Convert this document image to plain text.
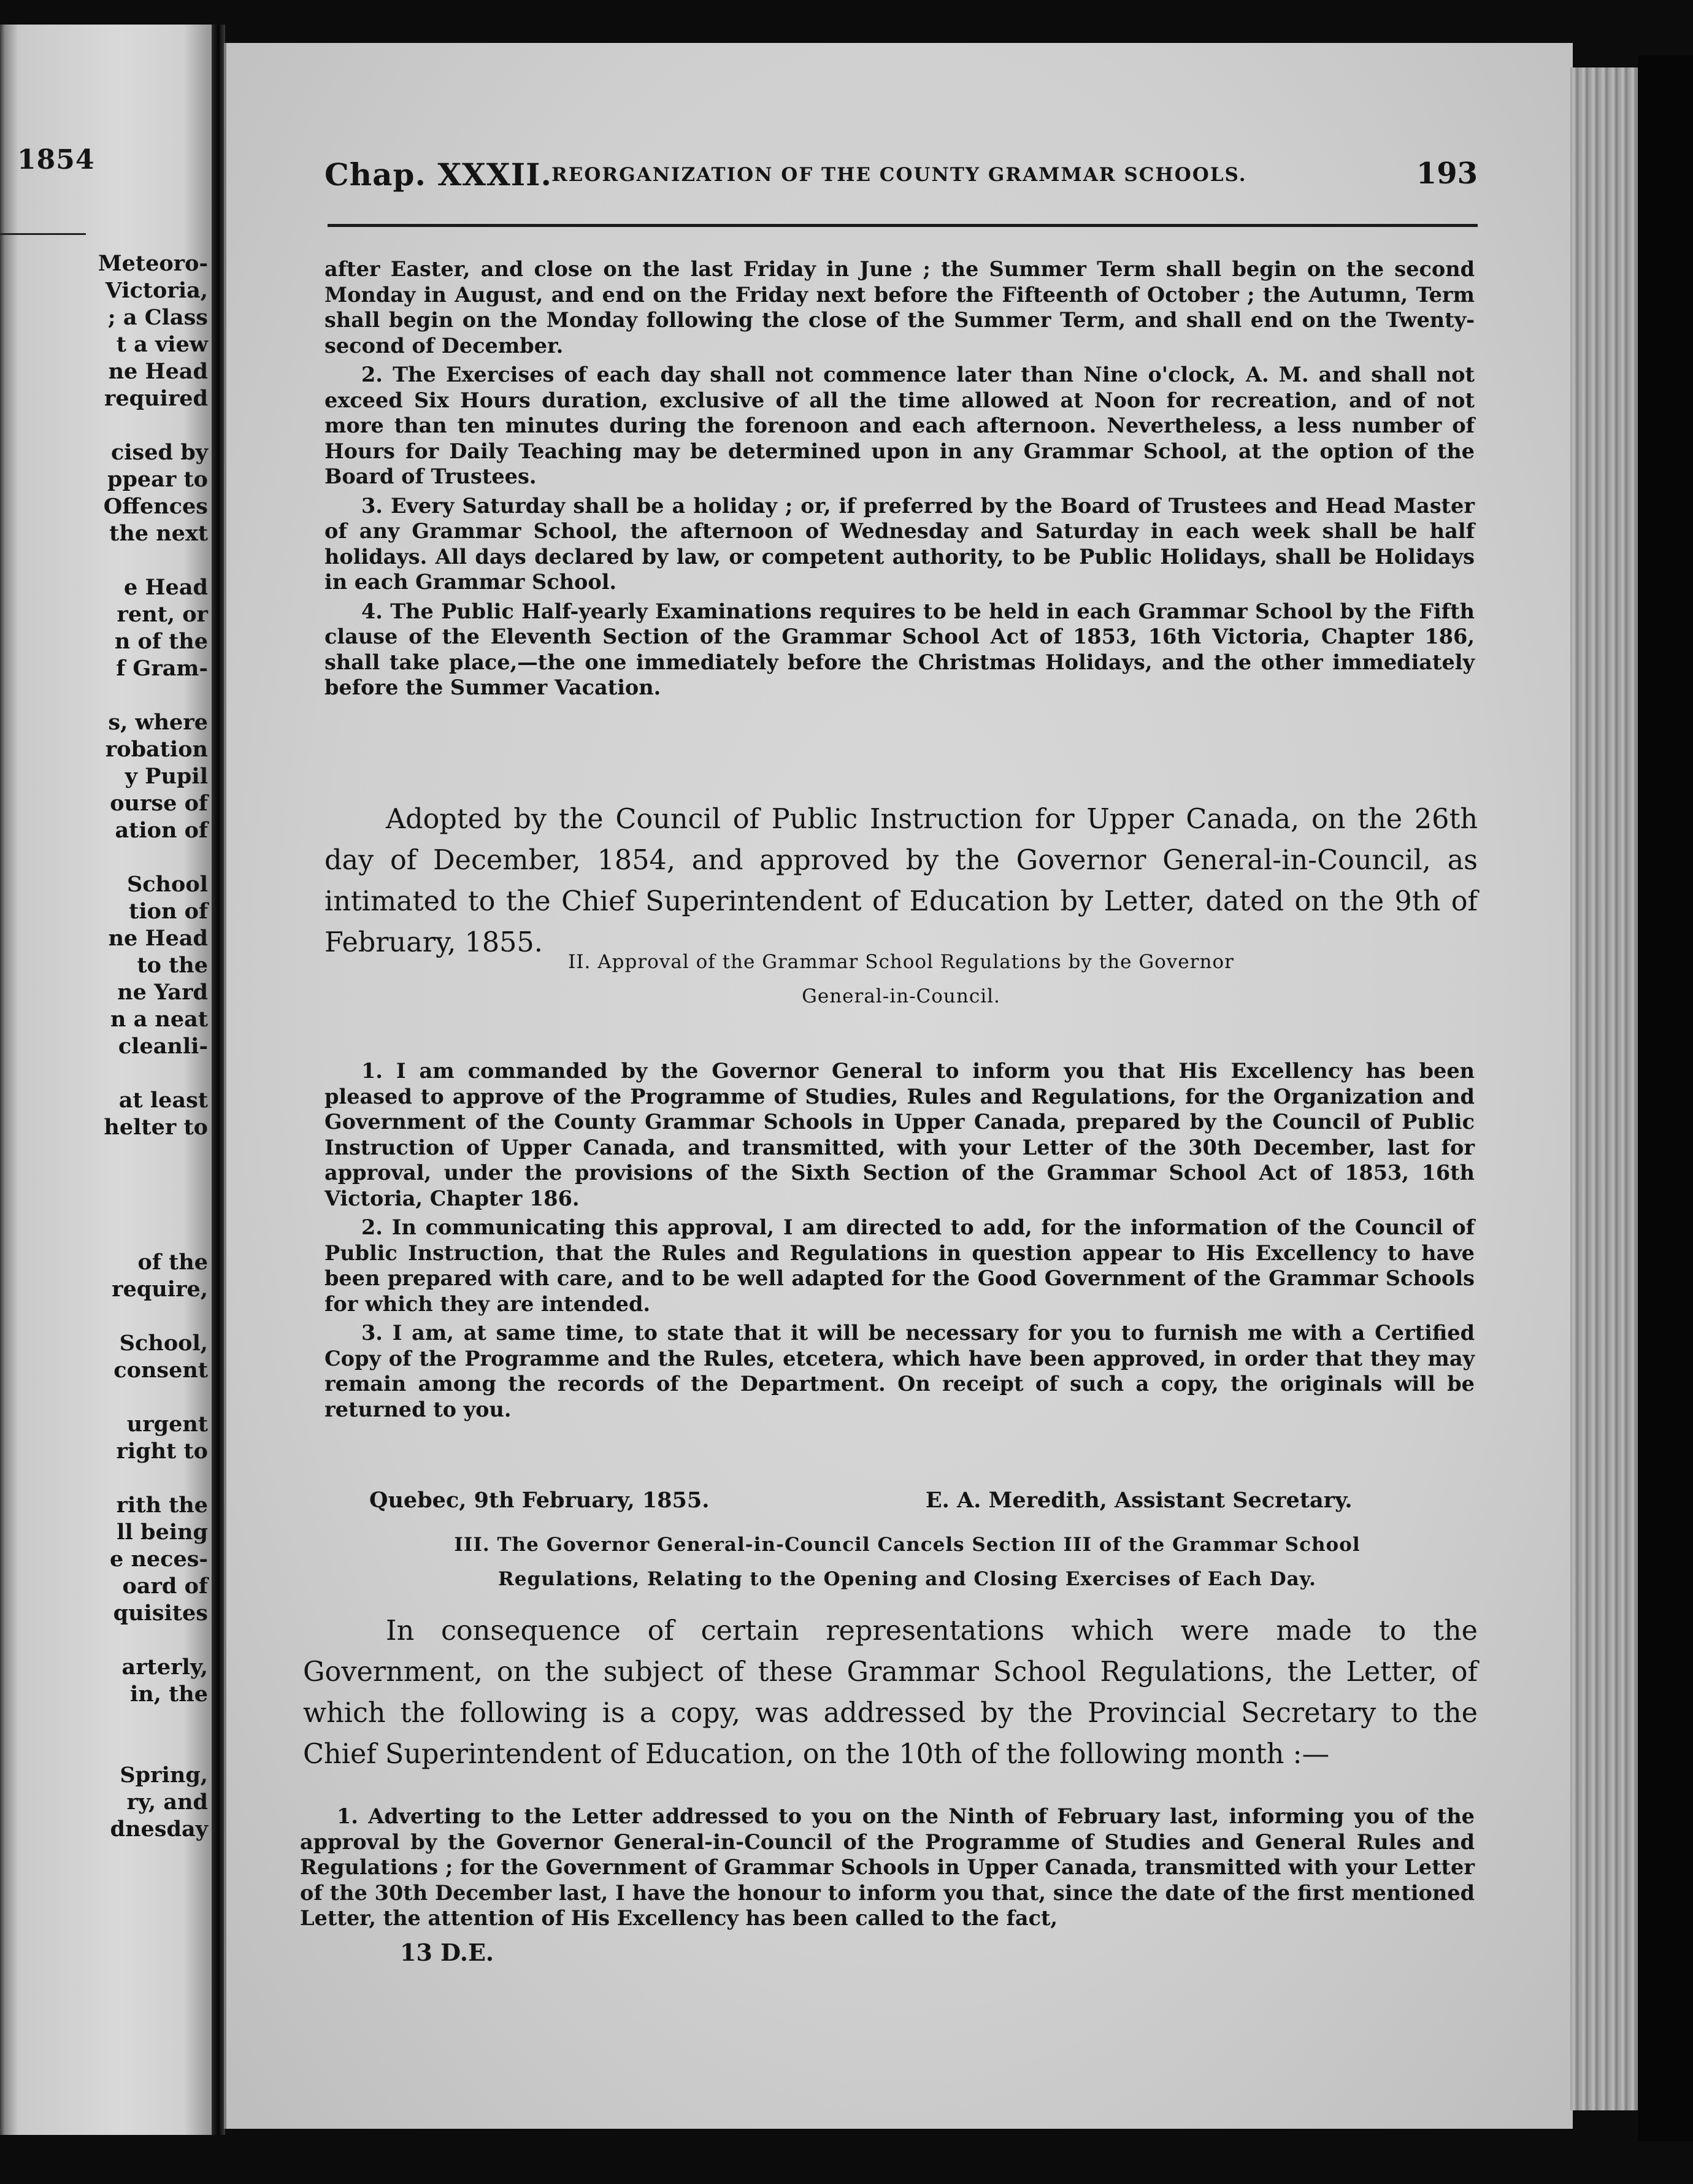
1854
Meteoro-
Victoria,
; a Class
t a view
ne Head
required
cised by
ppear to
Offences
the next
e Head
rent, or
n of the
f Gram-
s, where
robation
y Pupil
ourse of
ation of
School
tion of
ne Head
to the
ne Yard
n a neat
cleanli-
at least
helter to
of the
require,
School,
consent
urgent
right to
rith the
ll being
e neces-
oard of
quisites
arterly,
in, the
Spring,
ry, and
dnesday
Chap. XXXII. REORGANIZATION OF THE COUNTY GRAMMAR SCHOOLS.	193

after Easter, and close on the last Friday in June ; the Summer Term shall begin on the second Monday in August, and end on the Friday next before the Fifteenth of October ; the Autumn, Term shall begin on the Monday following the close of the Summer Term, and shall end on the Twenty-second of December.

2. The Exercises of each day shall not commence later than Nine o'clock, A. M. and shall not exceed Six Hours duration, exclusive of all the time allowed at Noon for recreation, and of not more than ten minutes during the forenoon and each afternoon. Nevertheless, a less number of Hours for Daily Teaching may be determined upon in any Grammar School, at the option of the Board of Trustees.

3. Every Saturday shall be a holiday ; or, if preferred by the Board of Trustees and Head Master of any Grammar School, the afternoon of Wednesday and Saturday in each week shall be half holidays. All days declared by law, or competent authority, to be Public Holidays, shall be Holidays in each Grammar School.

4. The Public Half-yearly Examinations requires to be held in each Grammar School by the Fifth clause of the Eleventh Section of the Grammar School Act of 1853, 16th Victoria, Chapter 186, shall take place,—the one immediately before the Christmas Holidays, and the other immediately before the Summer Vacation.

Adopted by the Council of Public Instruction for Upper Canada, on the 26th day of December, 1854, and approved by the Governor General-in-Council, as intimated to the Chief Superintendent of Education by Letter, dated on the 9th of February, 1855.

II. Approval of the Grammar School Regulations by the Governor
General-in-Council.

1. I am commanded by the Governor General to inform you that His Excellency has been pleased to approve of the Programme of Studies, Rules and Regulations, for the Organization and Government of the County Grammar Schools in Upper Canada, prepared by the Council of Public Instruction of Upper Canada, and transmitted, with your Letter of the 30th December, last for approval, under the provisions of the Sixth Section of the Grammar School Act of 1853, 16th Victoria, Chapter 186.

2. In communicating this approval, I am directed to add, for the information of the Council of Public Instruction, that the Rules and Regulations in question appear to His Excellency to have been prepared with care, and to be well adapted for the Good Government of the Grammar Schools for which they are intended.

3. I am, at same time, to state that it will be necessary for you to furnish me with a Certified Copy of the Programme and the Rules, etcetera, which have been approved, in order that they may remain among the records of the Department. On receipt of such a copy, the originals will be returned to you.

Quebec, 9th February, 1855.	E. A. Meredith, Assistant Secretary.
III. The Governor General-in-Council Cancels Section III of the Grammar School
Regulations, Relating to the Opening and Closing Exercises of Each Day.

In consequence of certain representations which were made to the Government, on the subject of these Grammar School Regulations, the Letter, of which the following is a copy, was addressed by the Provincial Secretary to the Chief Superintendent of Education, on the 10th of the following month :—

1. Adverting to the Letter addressed to you on the Ninth of February last, informing you of the approval by the Governor General-in-Council of the Programme of Studies and General Rules and Regulations ; for the Government of Grammar Schools in Upper Canada, transmitted with your Letter of the 30th December last, I have the honour to inform you that, since the date of the first mentioned Letter, the attention of His Excellency has been called to the fact,

13 D.E.
